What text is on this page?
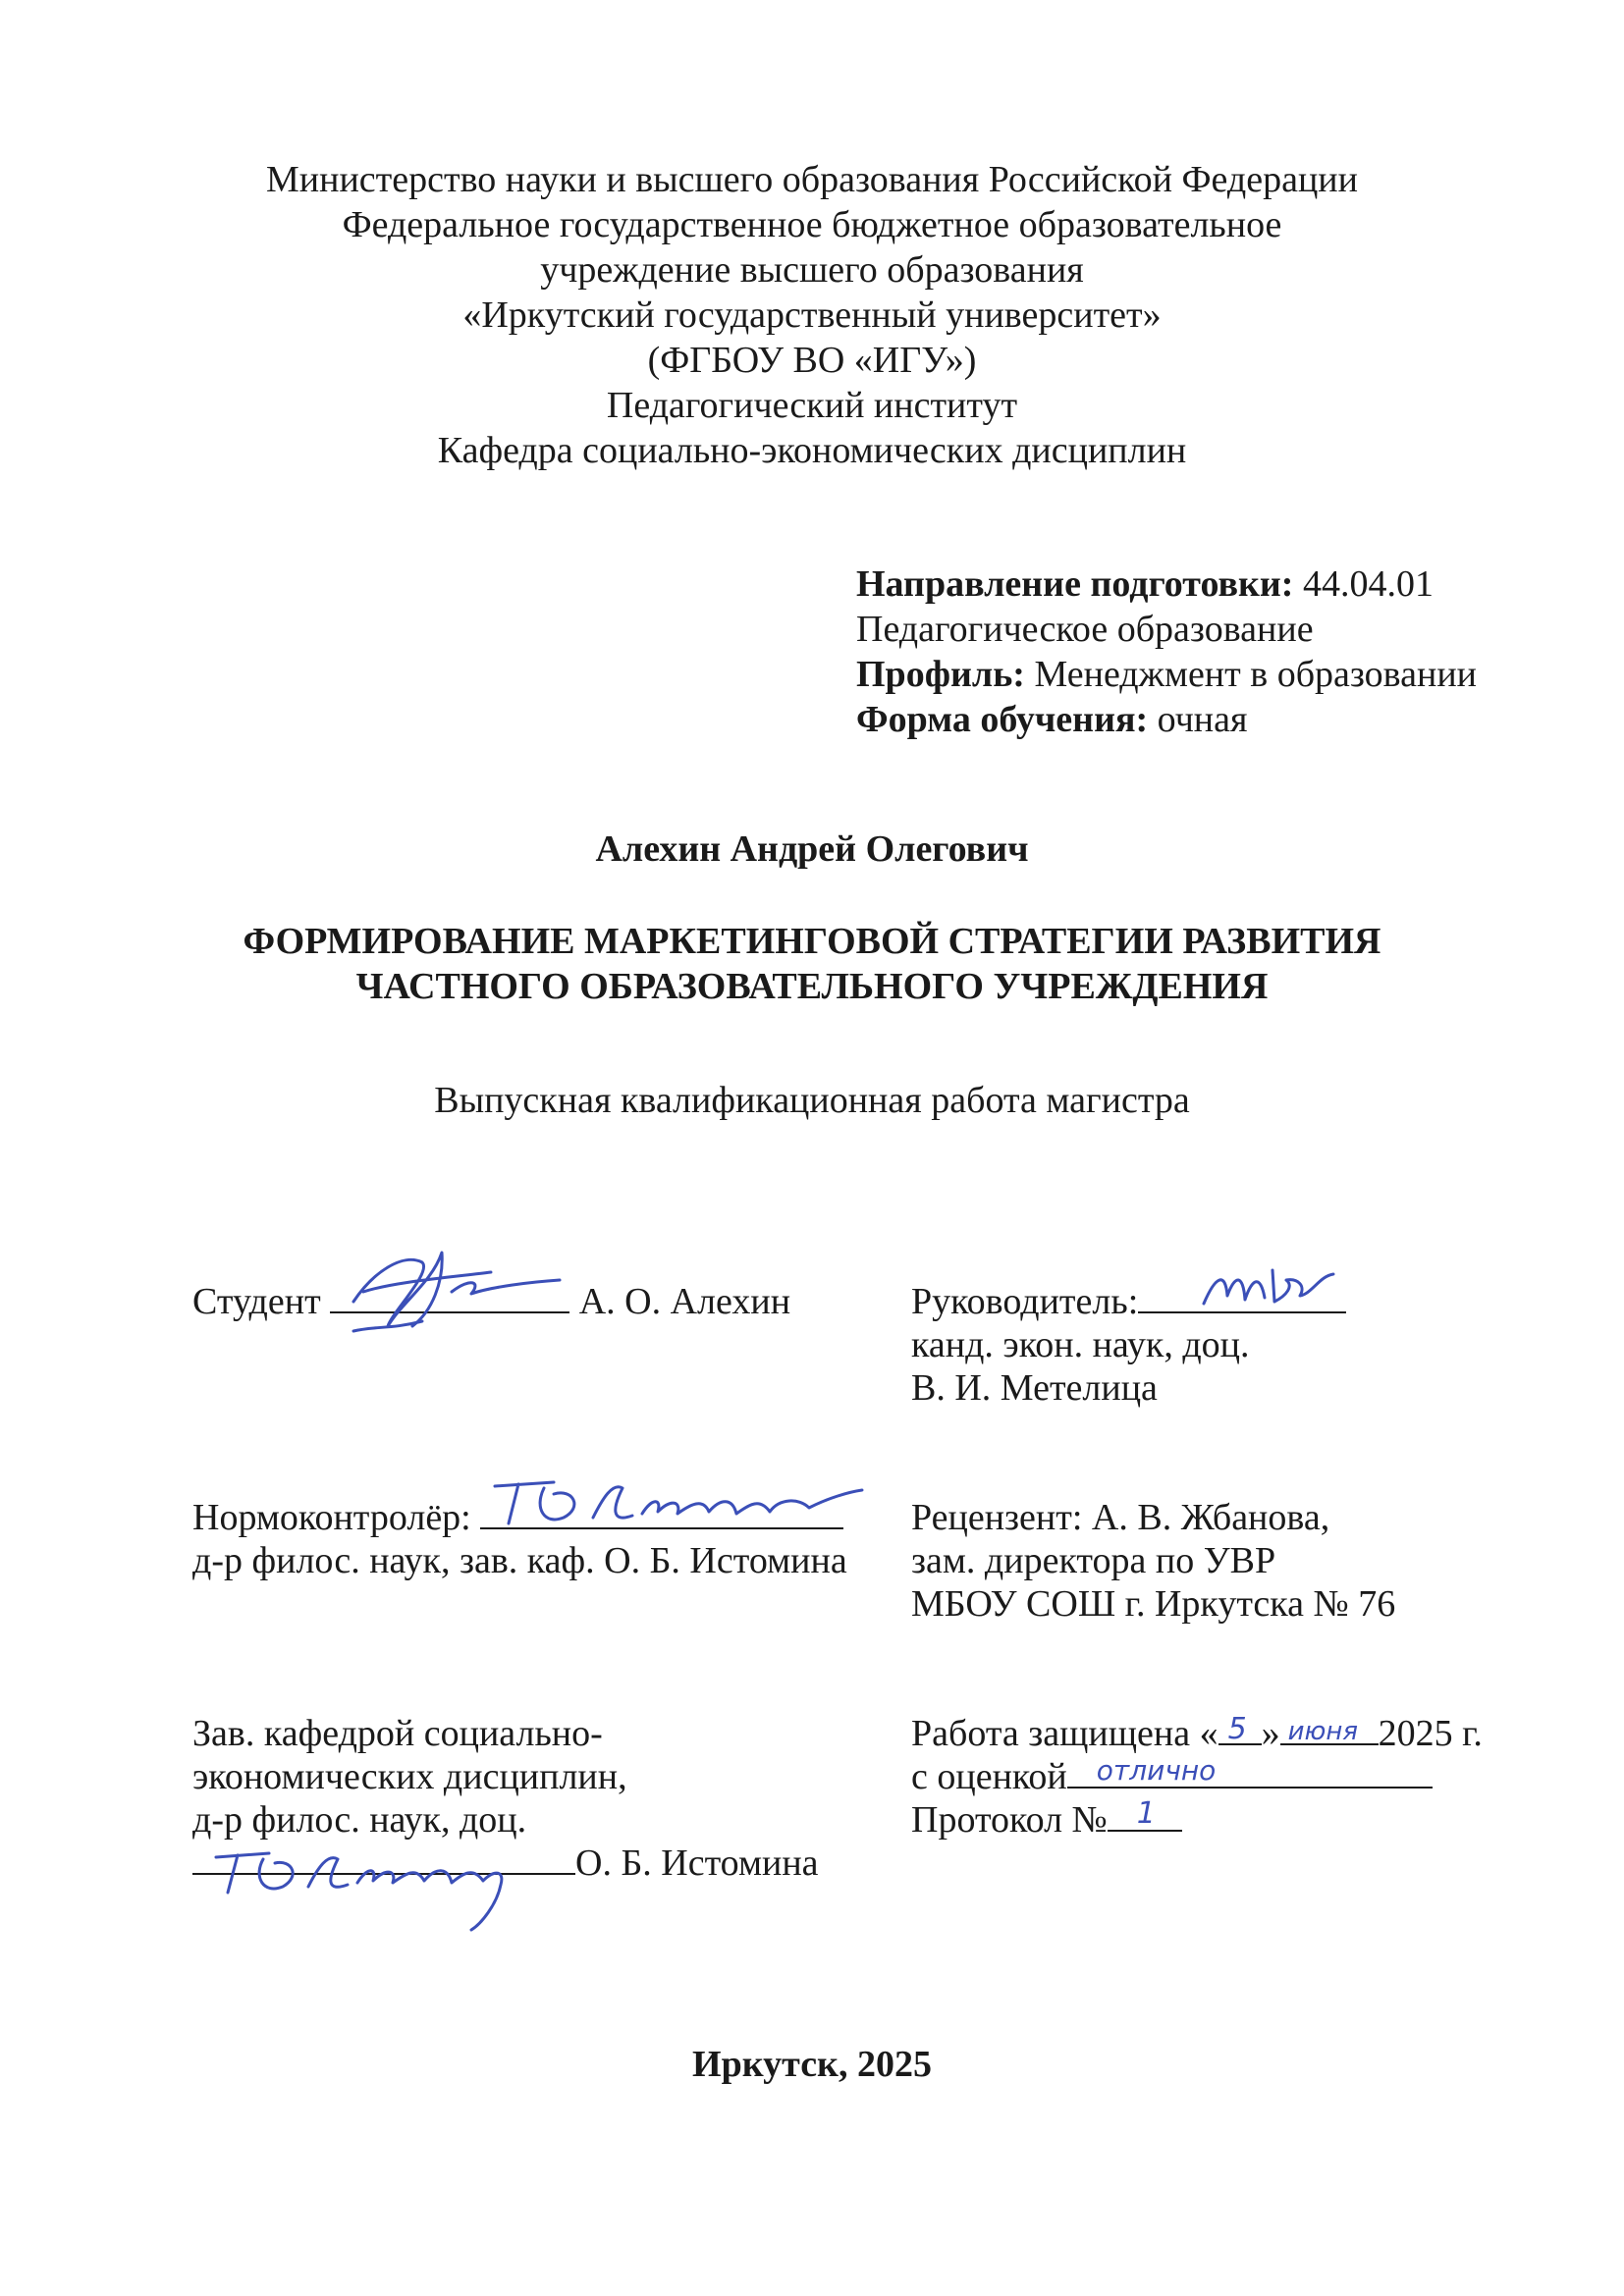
Министерство науки и высшего образования Российской Федерации
Федеральное государственное бюджетное образовательное
учреждение высшего образования
«Иркутский государственный университет»
(ФГБОУ ВО «ИГУ»)
Педагогический институт
Кафедра социально-экономических дисциплин
Направление подготовки: 44.04.01
Педагогическое образование
Профиль: Менеджмент в образовании
Форма обучения: очная
Алехин Андрей Олегович
ФОРМИРОВАНИЕ МАРКЕТИНГОВОЙ СТРАТЕГИИ РАЗВИТИЯ
ЧАСТНОГО ОБРАЗОВАТЕЛЬНОГО УЧРЕЖДЕНИЯ
Выпускная квалификационная работа магистра
Студент	А. О. Алехин	Руководитель:
канд. экон. наук, доц.
В. И. Метелица
Нормоконтролёр:
д-р филос. наук, зав. каф. О. Б. Истомина
Рецензент: А. В. Жбанова,
зам. директора по УВР
МБОУ СОШ г. Иркутска № 76
Зав. кафедрой социально-
экономических дисциплин,
д-р филос. наук, доц.
О. Б. Истомина
Работа защищена « 5 » июня 2025 г.
с оценкой отлично
Протокол № 1
Иркутск, 2025
